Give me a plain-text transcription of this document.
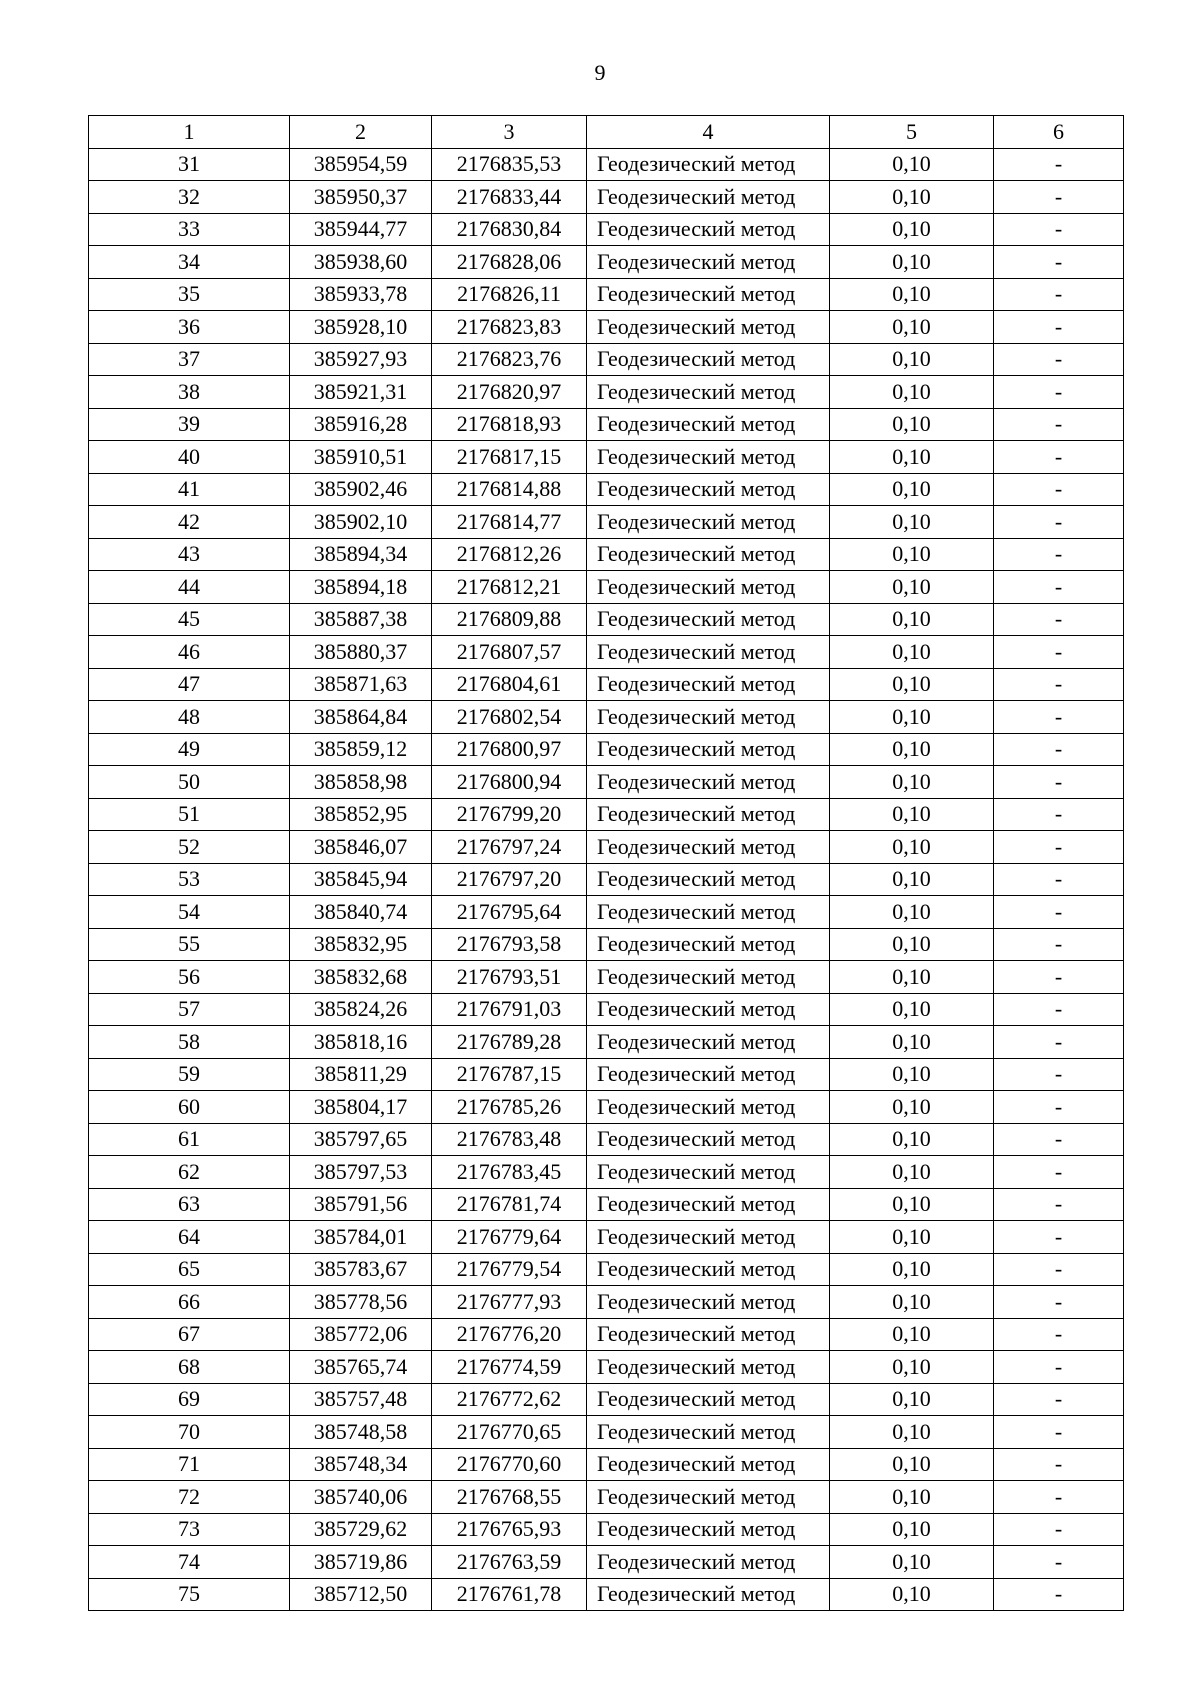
9
1	2	3	4	5	6
31	385954,59	2176835,53	Геодезический метод	0,10	-
32	385950,37	2176833,44	Геодезический метод	0,10	-
33	385944,77	2176830,84	Геодезический метод	0,10	-
34	385938,60	2176828,06	Геодезический метод	0,10	-
35	385933,78	2176826,11	Геодезический метод	0,10	-
36	385928,10	2176823,83	Геодезический метод	0,10	-
37	385927,93	2176823,76	Геодезический метод	0,10	-
38	385921,31	2176820,97	Геодезический метод	0,10	-
39	385916,28	2176818,93	Геодезический метод	0,10	-
40	385910,51	2176817,15	Геодезический метод	0,10	-
41	385902,46	2176814,88	Геодезический метод	0,10	-
42	385902,10	2176814,77	Геодезический метод	0,10	-
43	385894,34	2176812,26	Геодезический метод	0,10	-
44	385894,18	2176812,21	Геодезический метод	0,10	-
45	385887,38	2176809,88	Геодезический метод	0,10	-
46	385880,37	2176807,57	Геодезический метод	0,10	-
47	385871,63	2176804,61	Геодезический метод	0,10	-
48	385864,84	2176802,54	Геодезический метод	0,10	-
49	385859,12	2176800,97	Геодезический метод	0,10	-
50	385858,98	2176800,94	Геодезический метод	0,10	-
51	385852,95	2176799,20	Геодезический метод	0,10	-
52	385846,07	2176797,24	Геодезический метод	0,10	-
53	385845,94	2176797,20	Геодезический метод	0,10	-
54	385840,74	2176795,64	Геодезический метод	0,10	-
55	385832,95	2176793,58	Геодезический метод	0,10	-
56	385832,68	2176793,51	Геодезический метод	0,10	-
57	385824,26	2176791,03	Геодезический метод	0,10	-
58	385818,16	2176789,28	Геодезический метод	0,10	-
59	385811,29	2176787,15	Геодезический метод	0,10	-
60	385804,17	2176785,26	Геодезический метод	0,10	-
61	385797,65	2176783,48	Геодезический метод	0,10	-
62	385797,53	2176783,45	Геодезический метод	0,10	-
63	385791,56	2176781,74	Геодезический метод	0,10	-
64	385784,01	2176779,64	Геодезический метод	0,10	-
65	385783,67	2176779,54	Геодезический метод	0,10	-
66	385778,56	2176777,93	Геодезический метод	0,10	-
67	385772,06	2176776,20	Геодезический метод	0,10	-
68	385765,74	2176774,59	Геодезический метод	0,10	-
69	385757,48	2176772,62	Геодезический метод	0,10	-
70	385748,58	2176770,65	Геодезический метод	0,10	-
71	385748,34	2176770,60	Геодезический метод	0,10	-
72	385740,06	2176768,55	Геодезический метод	0,10	-
73	385729,62	2176765,93	Геодезический метод	0,10	-
74	385719,86	2176763,59	Геодезический метод	0,10	-
75	385712,50	2176761,78	Геодезический метод	0,10	-
